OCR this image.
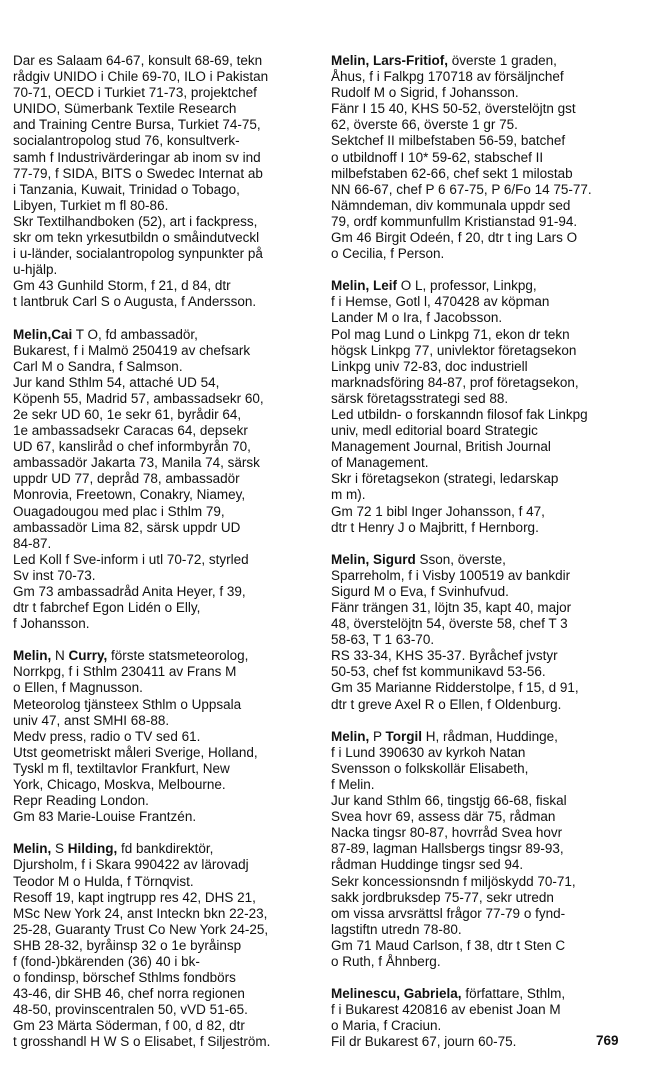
Dar es Salaam 64-67, konsult 68-69, tekn
rådgiv UNIDO i Chile 69-70, ILO i Pakistan
70-71, OECD i Turkiet 71-73, projektchef
UNIDO, Sümerbank Textile Research
and Training Centre Bursa, Turkiet 74-75,
socialantropolog stud 76, konsultverk-
samh f Industrivärderingar ab inom sv ind
77-79, f SIDA, BITS o Swedec Internat ab
i Tanzania, Kuwait, Trinidad o Tobago,
Libyen, Turkiet m fl 80-86.
Skr Textilhandboken (52), art i fackpress,
skr om tekn yrkesutbildn o småindutveckl
i u-länder, socialantropolog synpunkter på
u-hjälp.
Gm 43 Gunhild Storm, f 21, d 84, dtr
t lantbruk Carl S o Augusta, f Andersson.
Melin,Cai T O, fd ambassadör,
Bukarest, f i Malmö 250419 av chefsark
Carl M o Sandra, f Salmson.
Jur kand Sthlm 54, attaché UD 54,
Köpenh 55, Madrid 57, ambassadsekr 60,
2e sekr UD 60, 1e sekr 61, byrådir 64,
1e ambassadsekr Caracas 64, depsekr
UD 67, kansliråd o chef informbyrån 70,
ambassadör Jakarta 73, Manila 74, särsk
uppdr UD 77, depråd 78, ambassadör
Monrovia, Freetown, Conakry, Niamey,
Ouagadougou med plac i Sthlm 79,
ambassadör Lima 82, särsk uppdr UD
84-87.
Led Koll f Sve-inform i utl 70-72, styrled
Sv inst 70-73.
Gm 73 ambassadråd Anita Heyer, f 39,
dtr t fabrchef Egon Lidén o Elly,
f Johansson.
Melin, N Curry, förste statsmeteorolog,
Norrkpg, f i Sthlm 230411 av Frans M
o Ellen, f Magnusson.
Meteorolog tjänsteex Sthlm o Uppsala
univ 47, anst SMHI 68-88.
Medv press, radio o TV sed 61.
Utst geometriskt måleri Sverige, Holland,
Tyskl m fl, textiltavlor Frankfurt, New
York, Chicago, Moskva, Melbourne.
Repr Reading London.
Gm 83 Marie-Louise Frantzén.
Melin, S Hilding, fd bankdirektör,
Djursholm, f i Skara 990422 av lärovadj
Teodor M o Hulda, f Törnqvist.
Resoff 19, kapt ingtrupp res 42, DHS 21,
MSc New York 24, anst Inteckn bkn 22-23,
25-28, Guaranty Trust Co New York 24-25,
SHB 28-32, byråinsp 32 o 1e byråinsp
f (fond-)bkärenden (36) 40 i bk-
o fondinsp, börschef Sthlms fondbörs
43-46, dir SHB 46, chef norra regionen
48-50, provinscentralen 50, vVD 51-65.
Gm 23 Märta Söderman, f 00, d 82, dtr
t grosshandl H W S o Elisabet, f Siljeström.
Melin, Lars-Fritiof, överste 1 graden,
Åhus, f i Falkpg 170718 av försäljnchef
Rudolf M o Sigrid, f Johansson.
Fänr I 15 40, KHS 50-52, överstelöjtn gst
62, överste 66, överste 1 gr 75.
Sektchef II milbefstaben 56-59, batchef
o utbildnoff I 10* 59-62, stabschef II
milbefstaben 62-66, chef sekt 1 milostab
NN 66-67, chef P 6 67-75, P 6/Fo 14 75-77.
Nämndeman, div kommunala uppdr sed
79, ordf kommunfullm Kristianstad 91-94.
Gm 46 Birgit Odeén, f 20, dtr t ing Lars O
o Cecilia, f Person.
Melin, Leif O L, professor, Linkpg,
f i Hemse, Gotl l, 470428 av köpman
Lander M o Ira, f Jacobsson.
Pol mag Lund o Linkpg 71, ekon dr tekn
högsk Linkpg 77, univlektor företagsekon
Linkpg univ 72-83, doc industriell
marknadsföring 84-87, prof företagsekon,
särsk företagsstrategi sed 88.
Led utbildn- o forskanndn filosof fak Linkpg
univ, medl editorial board Strategic
Management Journal, British Journal
of Management.
Skr i företagsekon (strategi, ledarskap
m m).
Gm 72 1 bibl Inger Johansson, f 47,
dtr t Henry J o Majbritt, f Hernborg.
Melin, Sigurd Sson, överste,
Sparreholm, f i Visby 100519 av bankdir
Sigurd M o Eva, f Svinhufvud.
Fänr trängen 31, löjtn 35, kapt 40, major
48, överstelöjtn 54, överste 58, chef T 3
58-63, T 1 63-70.
RS 33-34, KHS 35-37. Byråchef jvstyr
50-53, chef fst kommunikavd 53-56.
Gm 35 Marianne Ridderstolpe, f 15, d 91,
dtr t greve Axel R o Ellen, f Oldenburg.
Melin, P Torgil H, rådman, Huddinge,
f i Lund 390630 av kyrkoh Natan
Svensson o folkskollär Elisabeth,
f Melin.
Jur kand Sthlm 66, tingstjg 66-68, fiskal
Svea hovr 69, assess där 75, rådman
Nacka tingsr 80-87, hovrråd Svea hovr
87-89, lagman Hallsbergs tingsr 89-93,
rådman Huddinge tingsr sed 94.
Sekr koncessionsndn f miljöskydd 70-71,
sakk jordbruksdep 75-77, sekr utredn
om vissa arvsrättsl frågor 77-79 o fynd-
lagstiftn utredn 78-80.
Gm 71 Maud Carlson, f 38, dtr t Sten C
o Ruth, f Åhnberg.
Melinescu, Gabriela, författare, Sthlm,
f i Bukarest 420816 av ebenist Joan M
o Maria, f Craciun.
Fil dr Bukarest 67, journ 60-75.	769
